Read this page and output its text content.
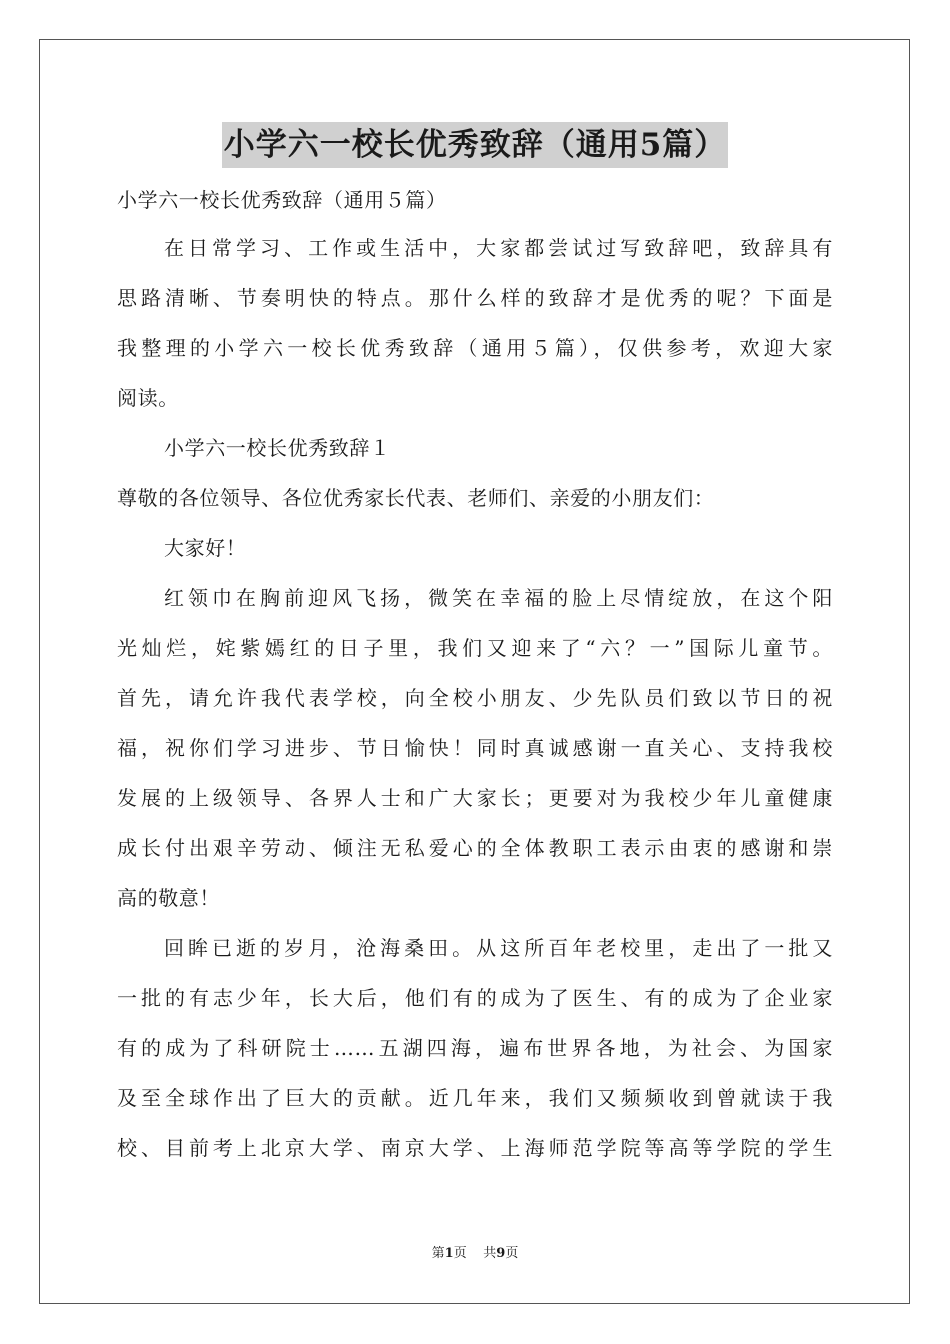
小学六一校长优秀致辞（通用5篇）
小学六一校长优秀致辞（通用５篇）
在日常学习、工作或生活中，大家都尝试过写致辞吧，致辞具有
思路清晰、节奏明快的特点。那什么样的致辞才是优秀的呢？下面是
我整理的小学六一校长优秀致辞（通用５篇），仅供参考，欢迎大家
阅读。
小学六一校长优秀致辞１
尊敬的各位领导、各位优秀家长代表、老师们、亲爱的小朋友们：
大家好！
红领巾在胸前迎风飞扬，微笑在幸福的脸上尽情绽放，在这个阳
光灿烂，姹紫嫣红的日子里，我们又迎来了“六？一”国际儿童节。
首先，请允许我代表学校，向全校小朋友、少先队员们致以节日的祝
福，祝你们学习进步、节日愉快！同时真诚感谢一直关心、支持我校
发展的上级领导、各界人士和广大家长；更要对为我校少年儿童健康
成长付出艰辛劳动、倾注无私爱心的全体教职工表示由衷的感谢和崇
高的敬意！
回眸已逝的岁月，沧海桑田。从这所百年老校里，走出了一批又
一批的有志少年，长大后，他们有的成为了医生、有的成为了企业家
有的成为了科研院士……五湖四海，遍布世界各地，为社会、为国家
及至全球作出了巨大的贡献。近几年来，我们又频频收到曾就读于我
校、目前考上北京大学、南京大学、上海师范学院等高等学院的学生
第1页 共9页
